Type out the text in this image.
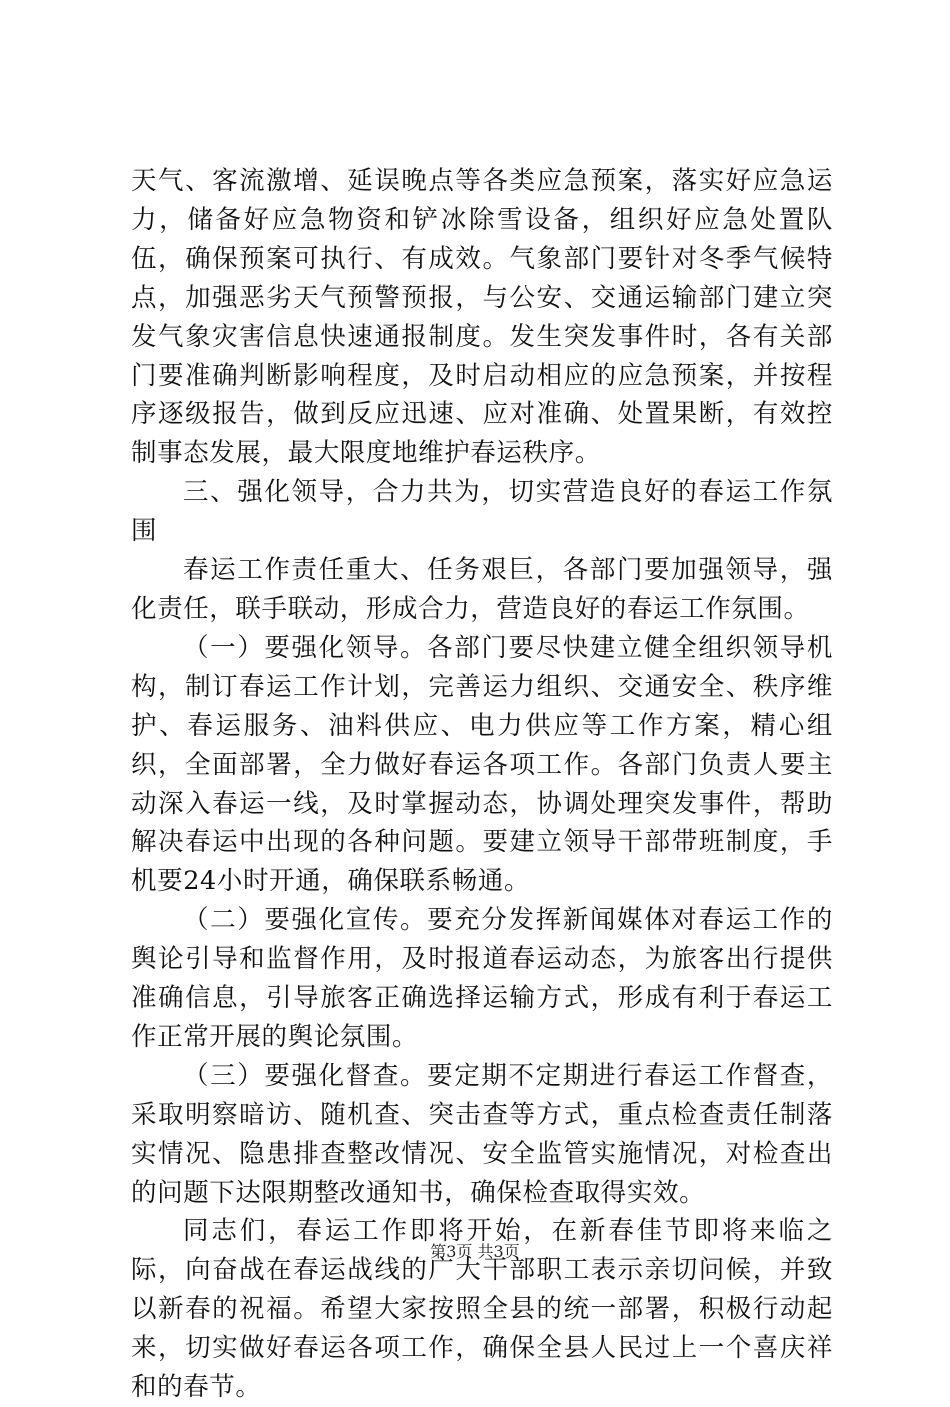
天气、客流激增、延误晚点等各类应急预案，落实好应急运力，储备好应急物资和铲冰除雪设备，组织好应急处置队伍，确保预案可执行、有成效。气象部门要针对冬季气候特点，加强恶劣天气预警预报，与公安、交通运输部门建立突发气象灾害信息快速通报制度。发生突发事件时，各有关部门要准确判断影响程度，及时启动相应的应急预案，并按程序逐级报告，做到反应迅速、应对准确、处置果断，有效控制事态发展，最大限度地维护春运秩序。

三、强化领导，合力共为，切实营造良好的春运工作氛围

春运工作责任重大、任务艰巨，各部门要加强领导，强化责任，联手联动，形成合力，营造良好的春运工作氛围。

（一）要强化领导。各部门要尽快建立健全组织领导机构，制订春运工作计划，完善运力组织、交通安全、秩序维护、春运服务、油料供应、电力供应等工作方案，精心组织，全面部署，全力做好春运各项工作。各部门负责人要主动深入春运一线，及时掌握动态，协调处理突发事件，帮助解决春运中出现的各种问题。要建立领导干部带班制度，手机要24小时开通，确保联系畅通。

（二）要强化宣传。要充分发挥新闻媒体对春运工作的舆论引导和监督作用，及时报道春运动态，为旅客出行提供准确信息，引导旅客正确选择运输方式，形成有利于春运工作正常开展的舆论氛围。

（三）要强化督查。要定期不定期进行春运工作督查，采取明察暗访、随机查、突击查等方式，重点检查责任制落实情况、隐患排查整改情况、安全监管实施情况，对检查出的问题下达限期整改通知书，确保检查取得实效。

同志们，春运工作即将开始，在新春佳节即将来临之际，向奋战在春运战线的广大干部职工表示亲切问候，并致以新春的祝福。希望大家按照全县的统一部署，积极行动起来，切实做好春运各项工作，确保全县人民过上一个喜庆祥和的春节。

第3页 共3页
